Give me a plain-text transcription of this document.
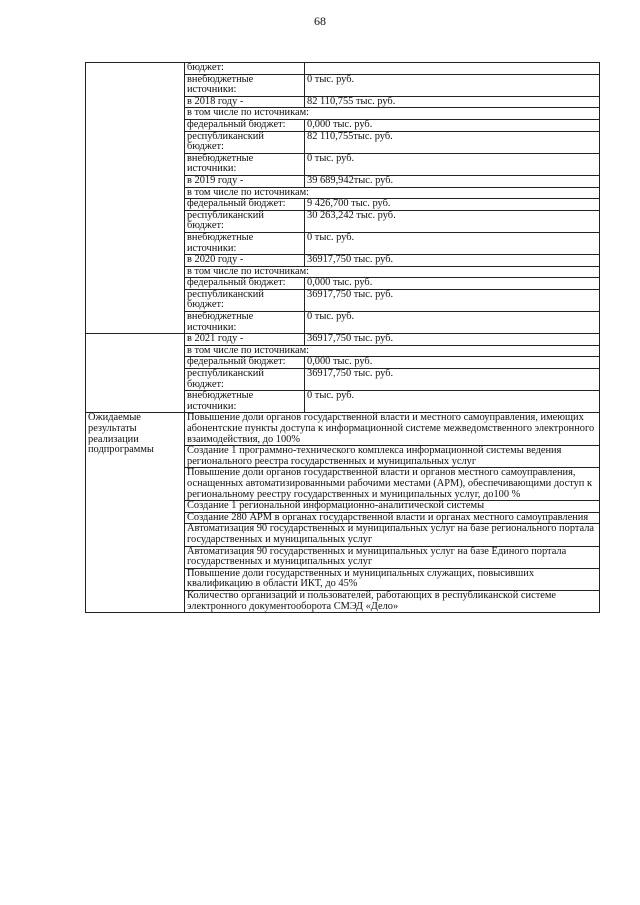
68
	бюджет:	
	внебюджетные источники:	0 тыс. руб.
	в 2018 году -	82 110,755 тыс. руб.
	в том числе по источникам:	
	федеральный бюджет:	0,000 тыс. руб.
	республиканский бюджет:	82 110,755тыс. руб.
	внебюджетные источники:	0 тыс. руб.
	в 2019 году -	39 689,942тыс. руб.
	в том числе по источникам:	
	федеральный бюджет:	9 426,700 тыс. руб.
	республиканский бюджет:	30 263,242 тыс. руб.
	внебюджетные источники:	0 тыс. руб.
	в 2020 году -	36917,750 тыс. руб.
	в том числе по источникам:	
	федеральный бюджет:	0,000 тыс. руб.
	республиканский бюджет:	36917,750 тыс. руб.
	внебюджетные источники:	0 тыс. руб.
	в 2021 году -	36917,750 тыс. руб.
	в том числе по источникам:	
	федеральный бюджет:	0,000 тыс. руб.
	республиканский бюджет:	36917,750 тыс. руб.
	внебюджетные источники:	0 тыс. руб.
Ожидаемые результаты реализации подпрограммы	Повышение доли органов государственной власти и местного самоуправления, имеющих абонентские пункты доступа к информационной системе межведомственного электронного взаимодействия, до 100%	
	Создание 1 программно-технического комплекса информационной системы ведения регионального реестра государственных и муниципальных услуг	
	Повышение доли органов государственной власти и органов местного самоуправления, оснащенных автоматизированными рабочими местами (АРМ), обеспечивающими доступ к региональному реестру государственных и муниципальных услуг, до100 %	
	Создание 1 региональной информационно-аналитической системы	
	Создание 280 АРМ в органах государственной власти и органах местного самоуправления	
	Автоматизация 90 государственных и муниципальных услуг на базе регионального портала государственных и муниципальных услуг	
	Автоматизация 90 государственных и муниципальных услуг на базе Единого портала государственных и муниципальных услуг	
	Повышение доли государственных и муниципальных служащих, повысивших квалификацию в области ИКТ, до 45%	
	Количество организаций и пользователей, работающих в республиканской системе электронного документооборота СМЭД «Дело»	
